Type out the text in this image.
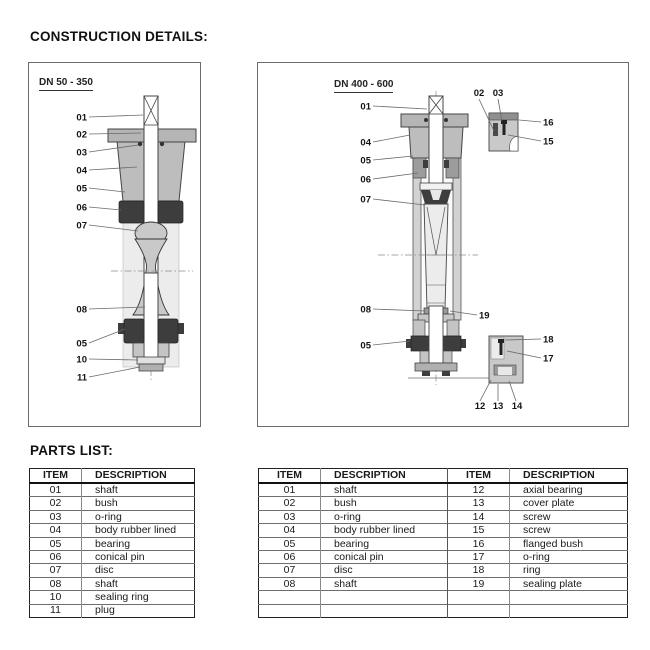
CONSTRUCTION DETAILS:
DN 50 - 350
01
02
03
04
05
06
07
08
05
10
11
DN 400 - 600
01
04
05
06
07
08
19
05
02 03
16
15
18
17
12 13 14
PARTS LIST:
ITEM	DESCRIPTION
01	shaft
02	bush
03	o-ring
04	body rubber lined
05	bearing
06	conical pin
07	disc
08	shaft
10	sealing ring
11	plug
ITEM	DESCRIPTION	ITEM	DESCRIPTION
01	shaft	12	axial bearing
02	bush	13	cover plate
03	o-ring	14	screw
04	body rubber lined	15	screw
05	bearing	16	flanged bush
06	conical pin	17	o-ring
07	disc	18	ring
08	shaft	19	sealing plate
